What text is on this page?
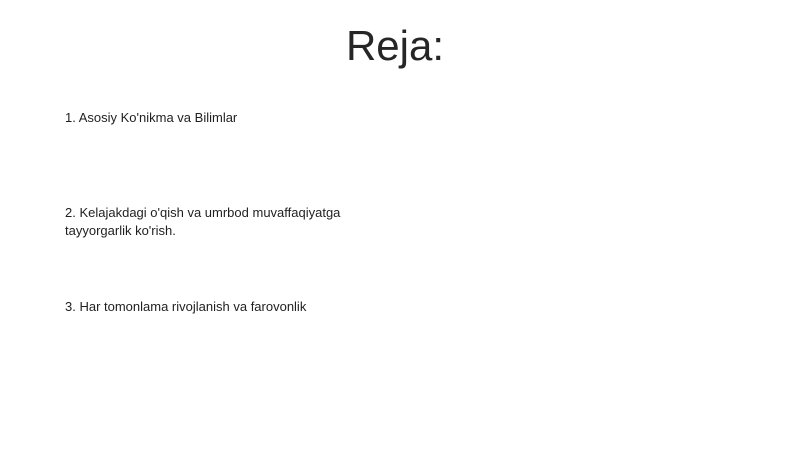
Reja:
1. Asosiy Ko'nikma va Bilimlar
2. Kelajakdagi o'qish va umrbod muvaffaqiyatga
tayyorgarlik ko'rish.
3. Har tomonlama rivojlanish va farovonlik
